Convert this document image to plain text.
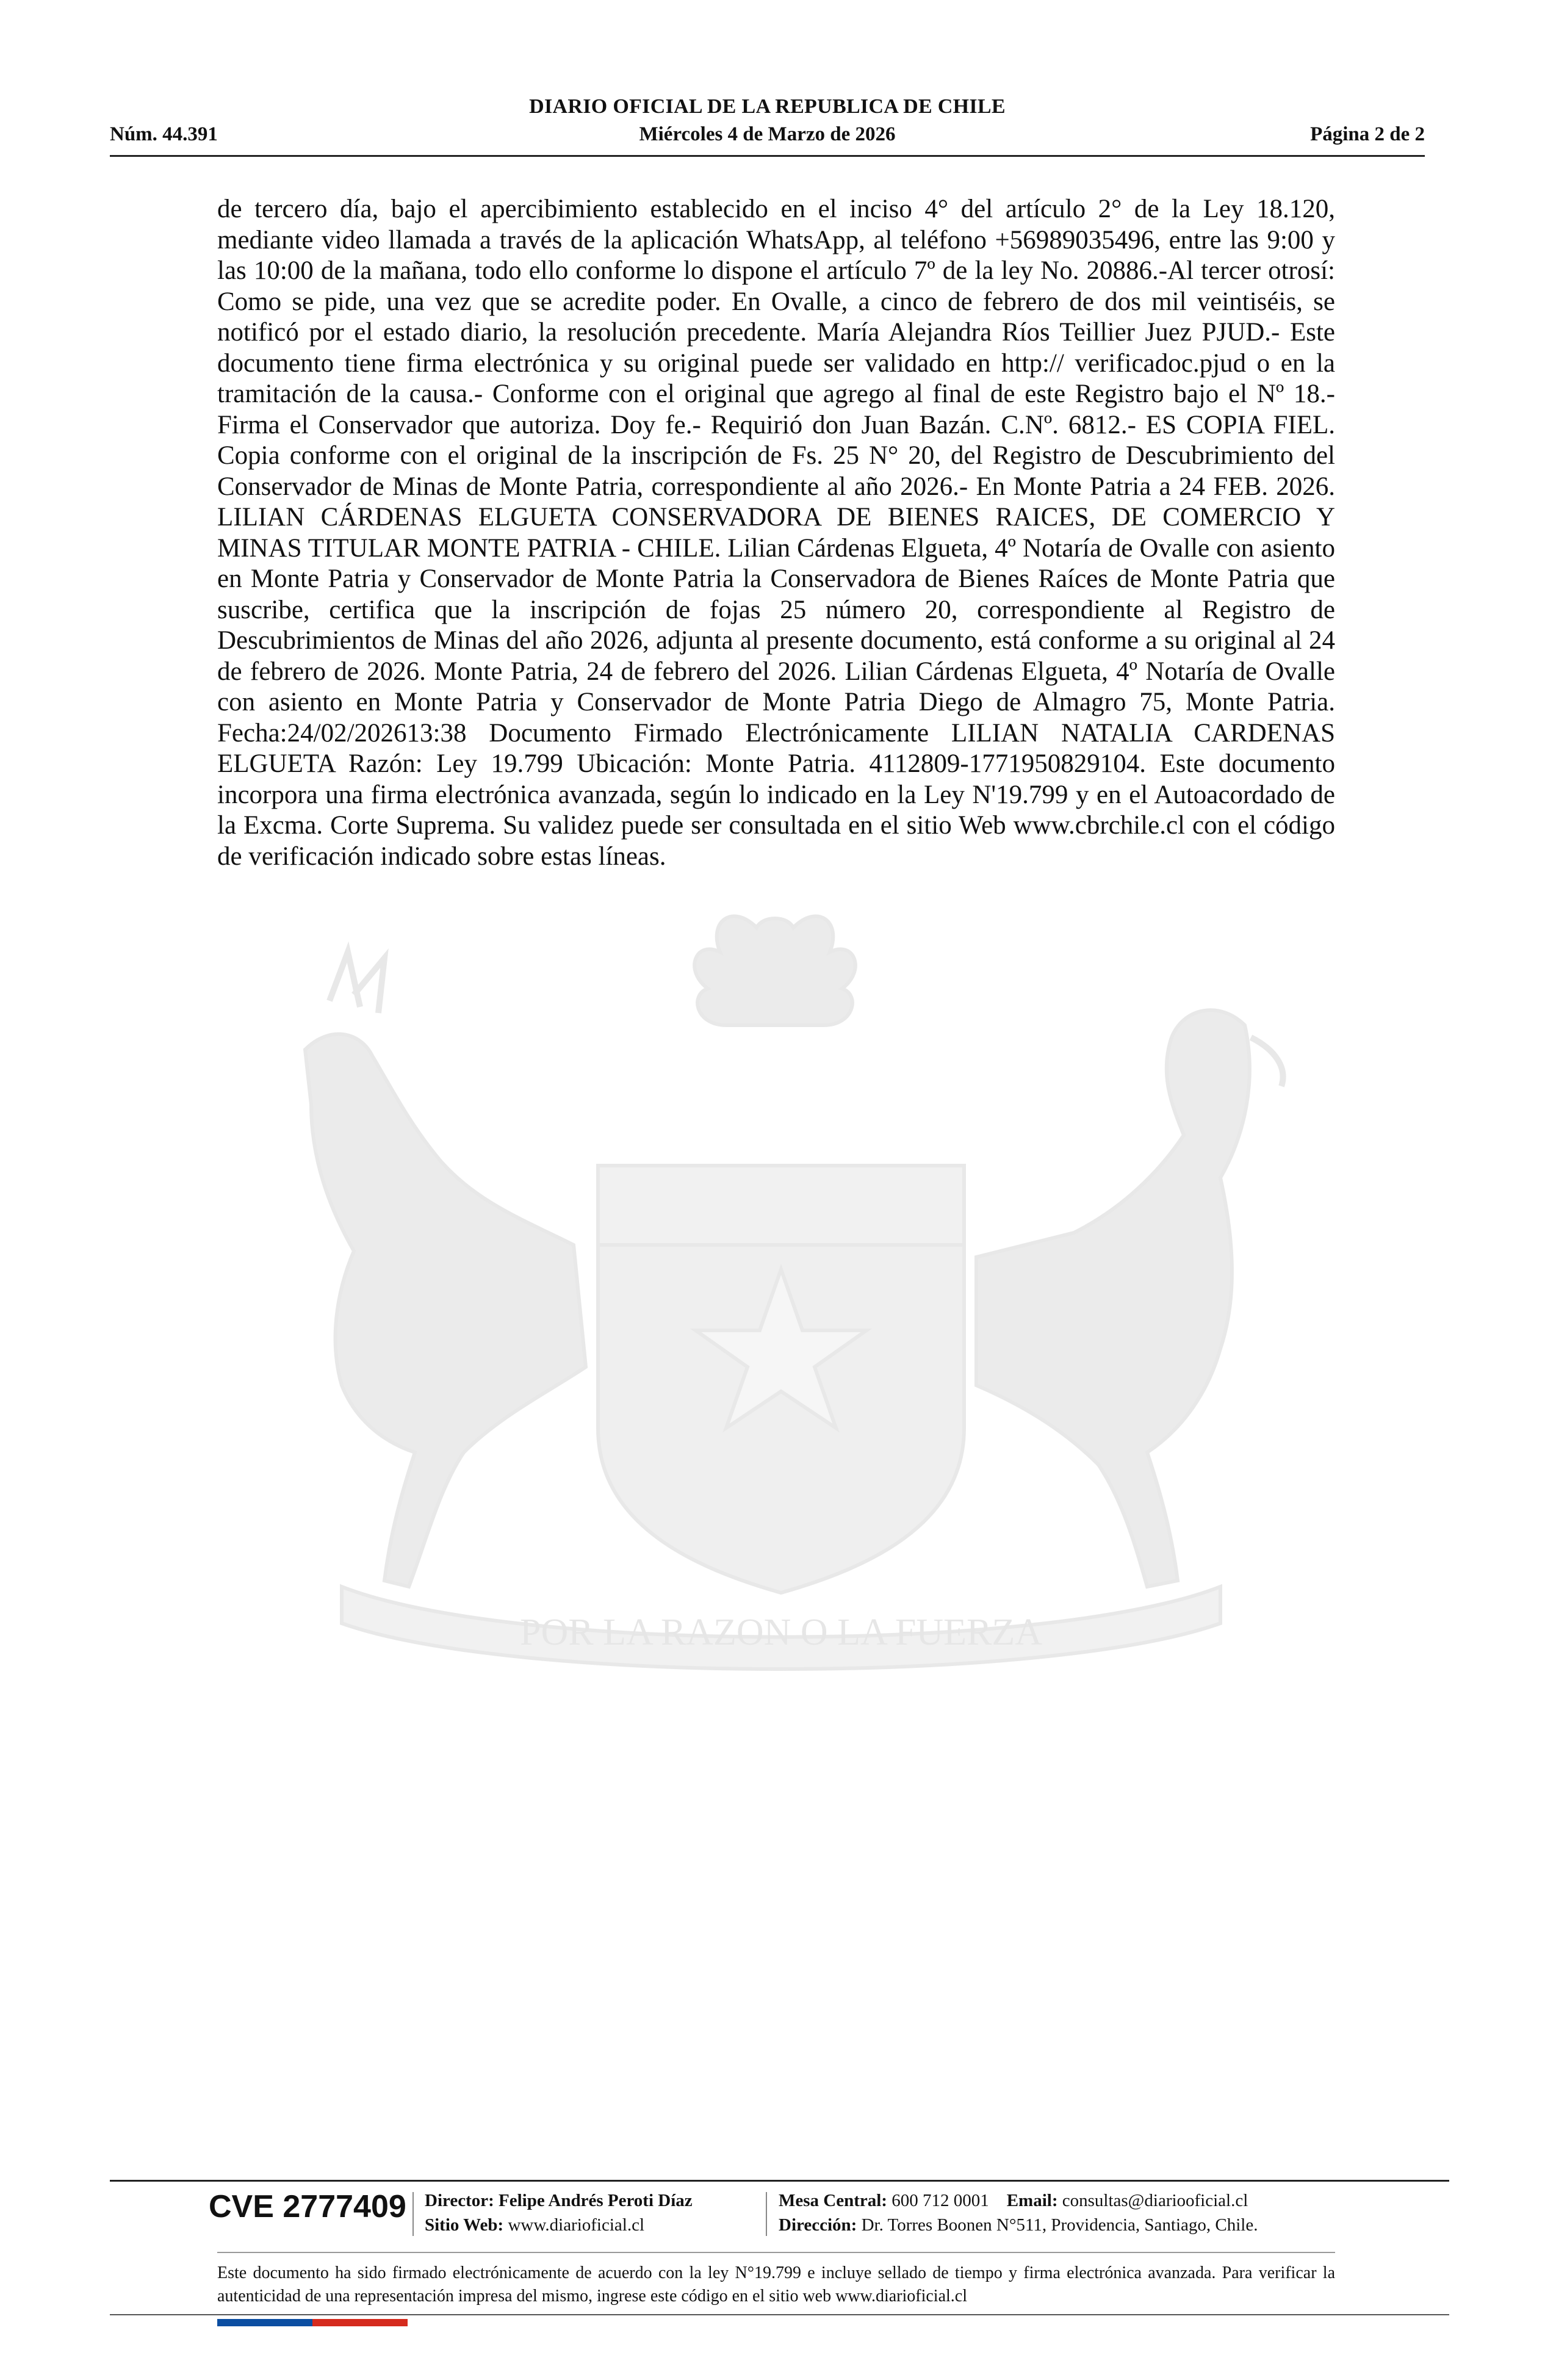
DIARIO OFICIAL DE LA REPUBLICA DE CHILE
Núm. 44.391	Miércoles 4 de Marzo de 2026	Página 2 de 2
POR LA RAZON O LA FUERZA
de tercero día, bajo el apercibimiento establecido en el inciso 4° del artículo 2° de la Ley 18.120, mediante video llamada a través de la aplicación WhatsApp, al teléfono +56989035496, entre las 9:00 y las 10:00 de la mañana, todo ello conforme lo dispone el artículo 7º de la ley No. 20886.-Al tercer otrosí: Como se pide, una vez que se acredite poder. En Ovalle, a cinco de febrero de dos mil veintiséis, se notificó por el estado diario, la resolución precedente. María Alejandra Ríos Teillier Juez PJUD.- Este documento tiene firma electrónica y su original puede ser validado en http:// verificadoc.pjud o en la tramitación de la causa.- Conforme con el original que agrego al final de este Registro bajo el Nº 18.- Firma el Conservador que autoriza. Doy fe.- Requirió don Juan Bazán. C.Nº. 6812.- ES COPIA FIEL. Copia conforme con el original de la inscripción de Fs. 25 N° 20, del Registro de Descubrimiento del Conservador de Minas de Monte Patria, correspondiente al año 2026.- En Monte Patria a 24 FEB. 2026. LILIAN CÁRDENAS ELGUETA CONSERVADORA DE BIENES RAICES, DE COMERCIO Y MINAS TITULAR MONTE PATRIA - CHILE. Lilian Cárdenas Elgueta, 4º Notaría de Ovalle con asiento en Monte Patria y Conservador de Monte Patria la Conservadora de Bienes Raíces de Monte Patria que suscribe, certifica que la inscripción de fojas 25 número 20, correspondiente al Registro de Descubrimientos de Minas del año 2026, adjunta al presente documento, está conforme a su original al 24 de febrero de 2026. Monte Patria, 24 de febrero del 2026. Lilian Cárdenas Elgueta, 4º Notaría de Ovalle con asiento en Monte Patria y Conservador de Monte Patria Diego de Almagro 75, Monte Patria. Fecha:24/02/202613:38 Documento Firmado Electrónicamente LILIAN NATALIA CARDENAS ELGUETA Razón: Ley 19.799 Ubicación: Monte Patria. 4112809-1771950829104. Este documento incorpora una firma electrónica avanzada, según lo indicado en la Ley N'19.799 y en el Autoacordado de la Excma. Corte Suprema. Su validez puede ser consultada en el sitio Web www.cbrchile.cl con el código de verificación indicado sobre estas líneas.
CVE 2777409 Director: Felipe Andrés Peroti Díaz
Sitio Web: www.diarioficial.cl
Mesa Central: 600 712 0001 Email: consultas@diariooficial.cl
Dirección: Dr. Torres Boonen N°511, Providencia, Santiago, Chile.
Este documento ha sido firmado electrónicamente de acuerdo con la ley N°19.799 e incluye sellado de tiempo y firma electrónica avanzada. Para verificar la autenticidad de una representación impresa del mismo, ingrese este código en el sitio web www.diarioficial.cl
